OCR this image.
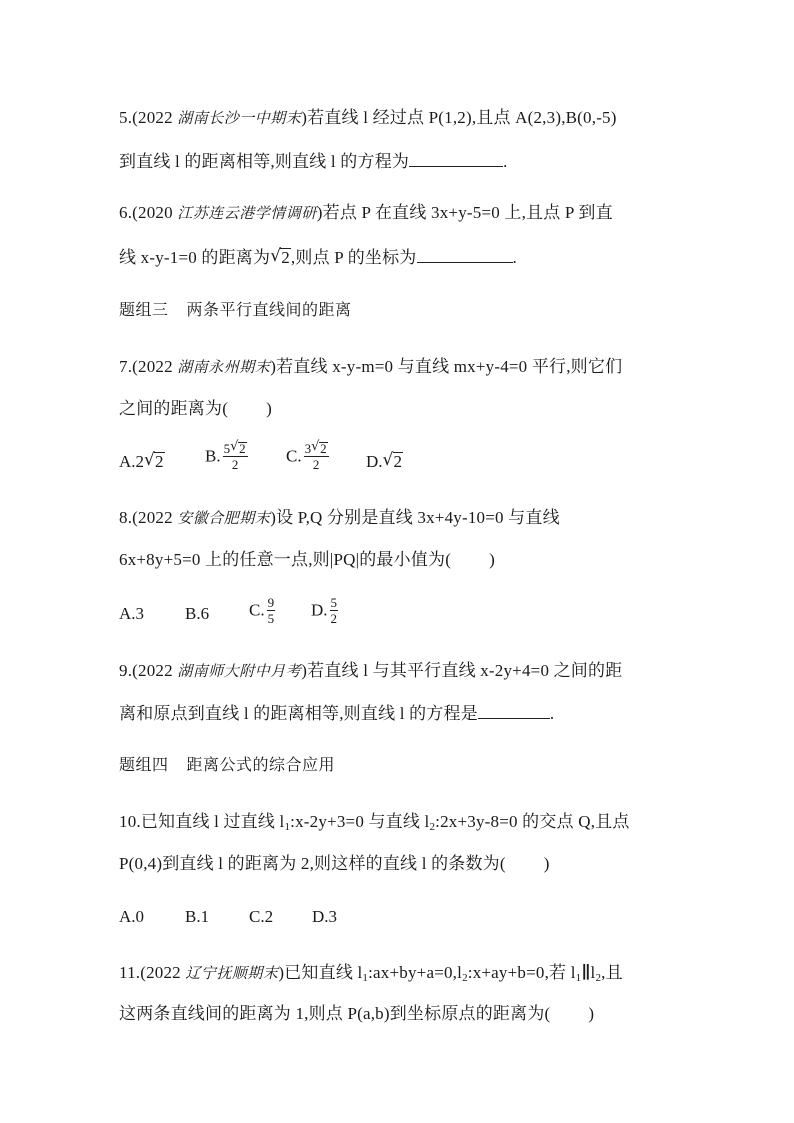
5.(2022 湖南长沙一中期末)若直线 l 经过点 P(1,2),且点 A(2,3),B(0,-5)
到直线 l 的距离相等,则直线 l 的方程为	.
6.(2020 江苏连云港学情调研)若点 P 在直线 3x+y-5=0 上,且点 P 到直
线 x-y-1=0 的距离为√ 2,则点 P 的坐标为	.
题组三 两条平行直线间的距离
7.(2022 湖南永州期末)若直线 x-y-m=0 与直线 mx+y-4=0 平行,则它们
之间的距离为( )
A.2√ 2 B. $\frac{5√ 2}{2} C$. $\frac{3√ 2}{2} D.√$ 2
8.(2022 安徽合肥期末)设 P,Q 分别是直线 3x+4y-10=0 与直线
6x+8y+5=0 上的任意一点,则|PQ|的最小值为( )
A.3 B.6 C. $\frac{9}{5} D$. $\frac{5}{2}$
9.(2022 湖南师大附中月考)若直线 l 与其平行直线 x-2y+4=0 之间的距
离和原点到直线 l 的距离相等,则直线 l 的方程是	.
题组四 距离公式的综合应用
10.已知直线 l 过直线 $l_1:x-2y+3=0$ 与直线 $l_2:2x+3y-8=0$ 的交点 Q,且点
P(0,4)到直线 l 的距离为 2,则这样的直线 l 的条数为( )
A.0 B.1 C.2 D.3
11.(2022 辽宁抚顺期末)已知直线 $l_1:ax+by+a=0,l_2:x+ay+b=0$,若 $l_1\parallel l_2$,且
这两条直线间的距离为 1,则点 P(a,b)到坐标原点的距离为( )
